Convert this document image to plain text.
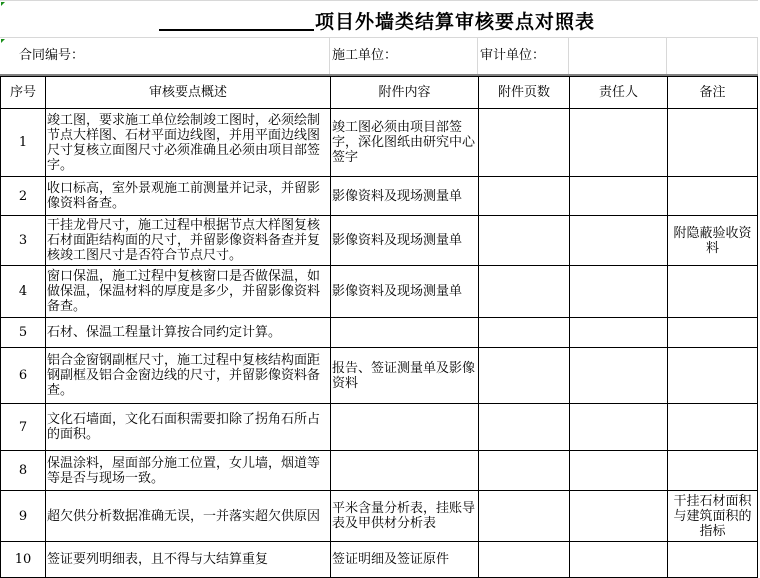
项目外墙类结算审核要点对照表
合同编号：	施工单位：	审计单位：
序号	审核要点概述	附件内容	附件页数	责任人	备注
1	竣工图，要求施工单位绘制竣工图时，必须绘制节点大样图、石材平面边线图，并用平面边线图尺寸复核立面图尺寸必须准确且必须由项目部签字。	竣工图必须由项目部签字，深化图纸由研究中心签字			
2	收口标高，室外景观施工前测量并记录，并留影像资料备查。	影像资料及现场测量单			
3	干挂龙骨尺寸，施工过程中根据节点大样图复核石材面距结构面的尺寸，并留影像资料备查并复核竣工图尺寸是否符合节点尺寸。	影像资料及现场测量单			附隐蔽验收资料
4	窗口保温，施工过程中复核窗口是否做保温，如做保温，保温材料的厚度是多少，并留影像资料备查。	影像资料及现场测量单			
5	石材、保温工程量计算按合同约定计算。				
6	铝合金窗钢副框尺寸，施工过程中复核结构面距钢副框及铝合金窗边线的尺寸，并留影像资料备查。	报告、签证测量单及影像资料			
7	文化石墙面，文化石面积需要扣除了拐角石所占的面积。				
8	保温涂料，屋面部分施工位置，女儿墙，烟道等等是否与现场一致。				
9	超欠供分析数据准确无误，一并落实超欠供原因	平米含量分析表，挂账导表及甲供材分析表			干挂石材面积与建筑面积的指标
10	签证要列明细表，且不得与大结算重复	签证明细及签证原件			
